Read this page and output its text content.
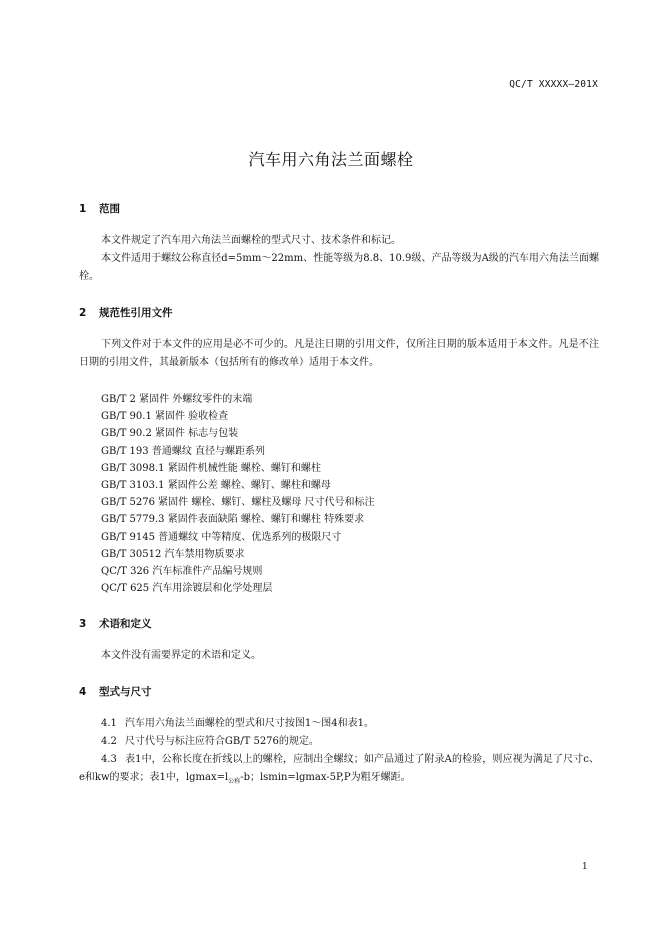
QC/T XXXXX—201X
汽车用六角法兰面螺栓
1 范围

本文件规定了汽车用六角法兰面螺栓的型式尺寸、技术条件和标记。

本文件适用于螺纹公称直径d=5mm～22mm、性能等级为8.8、10.9级、产品等级为A级的汽车用六角法兰面螺栓。

2 规范性引用文件

下列文件对于本文件的应用是必不可少的。凡是注日期的引用文件，仅所注日期的版本适用于本文件。凡是不注日期的引用文件，其最新版本（包括所有的修改单）适用于本文件。

GB/T 2 紧固件 外螺纹零件的末端
GB/T 90.1 紧固件 验收检查
GB/T 90.2 紧固件 标志与包装
GB/T 193 普通螺纹 直径与螺距系列
GB/T 3098.1 紧固件机械性能 螺栓、螺钉和螺柱
GB/T 3103.1 紧固件公差 螺栓、螺钉、螺柱和螺母
GB/T 5276 紧固件 螺栓、螺钉、螺柱及螺母 尺寸代号和标注
GB/T 5779.3 紧固件表面缺陷 螺栓、螺钉和螺柱 特殊要求
GB/T 9145 普通螺纹 中等精度、优选系列的极限尺寸
GB/T 30512 汽车禁用物质要求
QC/T 326 汽车标准件产品编号规则
QC/T 625 汽车用涂镀层和化学处理层
3 术语和定义

本文件没有需要界定的术语和定义。

4 型式与尺寸

4.1 汽车用六角法兰面螺栓的型式和尺寸按图1～图4和表1。

4.2 尺寸代号与标注应符合GB/T 5276的规定。

4.3 表1中，公称长度在折线以上的螺栓，应制出全螺纹；如产品通过了附录A的检验，则应视为满足了尺寸c、e和kw的要求；表1中，$lgmax=l_{公称}-b$；lsmin=lgmax-5P,P为粗牙螺距。

1
